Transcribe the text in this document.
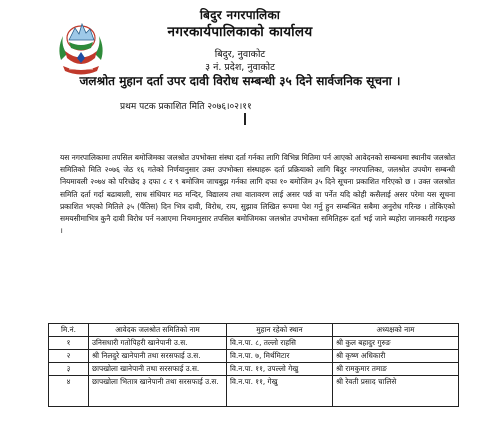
बिदुर नगरपालिका
नगरकार्यपालिकाको कार्यालय
बिदुर, नुवाकोट
३ नं. प्रदेश, नुवाकोट
जलश्रोत मुहान दर्ता उपर दावी विरोध सम्बन्धी ३५ दिने सार्वजनिक सूचना ।
प्रथम पटक प्रकाशित मिति २०७६।०२।११
यस नगरपालिकामा तपसिल बमोजिमका जलश्रोत उपभोक्ता संस्था दर्ता गर्नका लागि विभिन्न मितिमा पर्न आएको आवेदनको सम्बन्धमा स्थानीय जलश्रोत समितिको मिति २०७६ जेठ १६ गतेको निर्णयानुसार उक्त उपभोक्ता संस्थाहरू दर्ता प्रक्रियाको लागि बिदुर नगरपालिका, जलश्रोत उपयोग सम्बन्धी नियमावली २०७४ को परिच्छेद ३ दफा ८ र ९ बमोजिम जाचबुझ गर्नका लागि दफा १० बमोजिम ३५ दिने सूचना प्रकाशित गरिएको छ । उक्त जलश्रोत समिति दर्ता गर्दा बढाबाली, साध संधियार मठ मन्दिर, विद्यालय तथा वातावरण लाई असर पर्छ वा पर्नेत यदि कोही कसैलाई असर परेमा यस सूचना प्रकाशित भएको मितिले ३५ (पैंतिस) दिन भित्र दावी, विरोध, राय, सुझाव लिखित रूपमा पेश गर्नु हुन सम्बन्धित सबैमा अनुरोध गरिन्छ । तोकिएको समयसीमाभित्र कुनै दावी विरोध पर्न नआएमा नियमानुसार तपसिल बमोजिमका जलश्रोत उपभोक्ता समितिहरू दर्ता भई जाने ब्यहोरा जानकारी गराइन्छ ।
मि.नं.	आवेदक जलश्रोत समितिको नाम	मुहान रहेको स्थान	अध्यक्षको नाम
१	उनिसधारी गतोपिहरी खानेपानी उ.स.	वि.न.पा. ८, तल्लो राहसि	श्री कुल बहादुर गुरुङ
२	श्री निलदुरे खानेपानी तथा सरसफाई उ.स.	वि.न.पा. ७, मिर्थमिटार	श्री कृष्ण अधिकारी
३	छापखोला खानेपानी तथा सरसफाई उ.स.	वि.न.पा. ११, उपल्लो गेखु	श्री रामकुमार तमाङ
४	छापखोला भितात्र खानेपानी तथा सरसफाई उ.स.	वि.न.पा. ११, गेखु	श्री रेवती प्रसाद चालिसे
